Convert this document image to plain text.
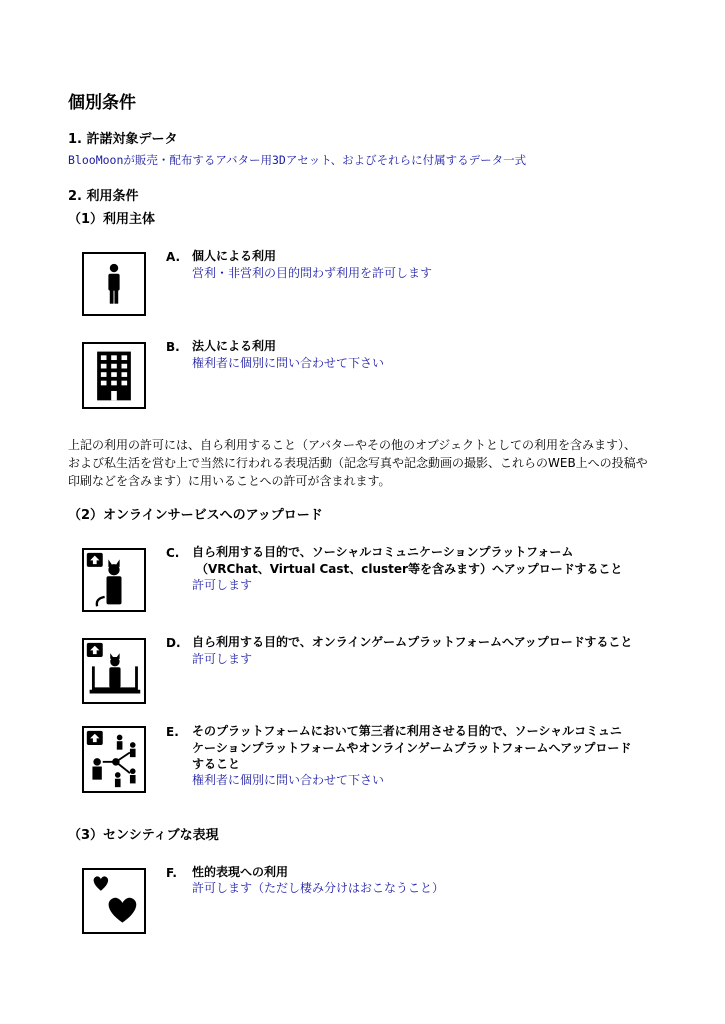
個別条件
1. 許諾対象データ
BlooMoonが販売・配布するアバター用3Dアセット、およびそれらに付属するデータ一式
2. 利用条件
（1）利用主体
A. 個人による利用
営利・非営利の目的問わず利用を許可します
B. 法人による利用
権利者に個別に問い合わせて下さい
上記の利用の許可には、自ら利用すること（アバターやその他のオブジェクトとしての利用を含みます）、
および私生活を営む上で当然に行われる表現活動（記念写真や記念動画の撮影、これらのWEB上への投稿や
印刷などを含みます）に用いることへの許可が含まれます。
（2）オンラインサービスへのアップロード
C. 自ら利用する目的で、ソーシャルコミュニケーションプラットフォーム
（VRChat、Virtual Cast、cluster等を含みます）へアップロードすること
許可します
D. 自ら利用する目的で、オンラインゲームプラットフォームへアップロードすること
許可します
E. そのプラットフォームにおいて第三者に利用させる目的で、ソーシャルコミュニ
ケーションプラットフォームやオンラインゲームプラットフォームへアップロード
すること
権利者に個別に問い合わせて下さい
（3）センシティブな表現
F. 性的表現への利用
許可します（ただし棲み分けはおこなうこと）
